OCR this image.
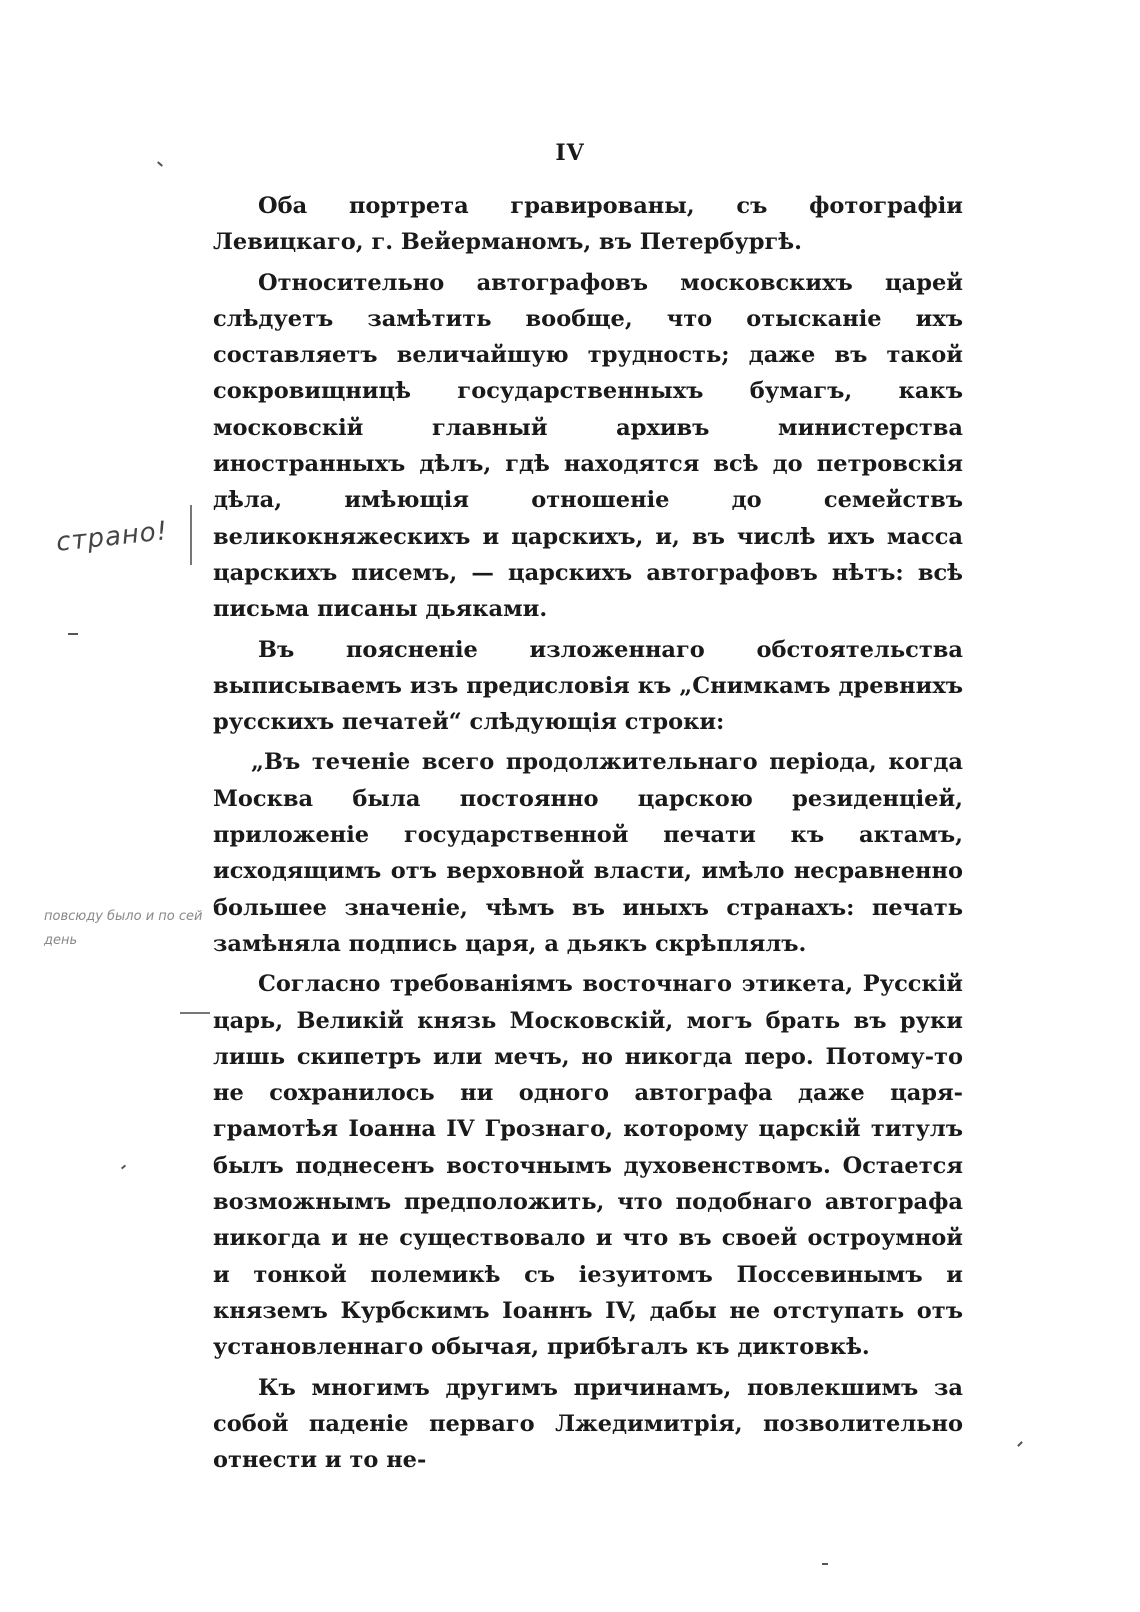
IV

Оба портрета гравированы, съ фотографіи Левицкаго, г. Вейерманомъ, въ Петербургѣ.

Относительно автографовъ московскихъ царей слѣдуетъ замѣтить вообще, что отысканіе ихъ составляетъ величайшую трудность; даже въ такой сокровищницѣ государственныхъ бумагъ, какъ московскій главный архивъ министерства иностранныхъ дѣлъ, гдѣ находятся всѣ до петровскія дѣла, имѣющія отношеніе до семействъ великокняжескихъ и царскихъ, и, въ числѣ ихъ масса царскихъ писемъ, — царскихъ автографовъ нѣтъ: всѣ письма писаны дьяками.

Въ поясненіе изложеннаго обстоятельства выписываемъ изъ предисловія къ „Снимкамъ древнихъ русскихъ печатей“ слѣдующія строки:

„Въ теченіе всего продолжительнаго періода, когда Москва была постоянно царскою резиденціей, приложеніе государственной печати къ актамъ, исходящимъ отъ верховной власти, имѣло несравненно большее значеніе, чѣмъ въ иныхъ странахъ: печать замѣняла подпись царя, а дьякъ скрѣплялъ.

Согласно требованіямъ восточнаго этикета, Русскій царь, Великій князь Московскій, могъ брать въ руки лишь скипетръ или мечъ, но никогда перо. Потому-то не сохранилось ни одного автографа даже царя-грамотѣя Іоанна IV Грознаго, которому царскій титулъ былъ поднесенъ восточнымъ духовенствомъ. Остается возможнымъ предположить, что подобнаго автографа никогда и не существовало и что въ своей остроумной и тонкой полемикѣ съ іезуитомъ Поссевинымъ и княземъ Курбскимъ Іоаннъ IV, дабы не отступать отъ установленнаго обычая, прибѣгалъ къ диктовкѣ.

Къ многимъ другимъ причинамъ, повлекшимъ за собой паденіе перваго Лжедимитрія, позволительно отнести и то не-

страно!
повсюду было и по сей день
